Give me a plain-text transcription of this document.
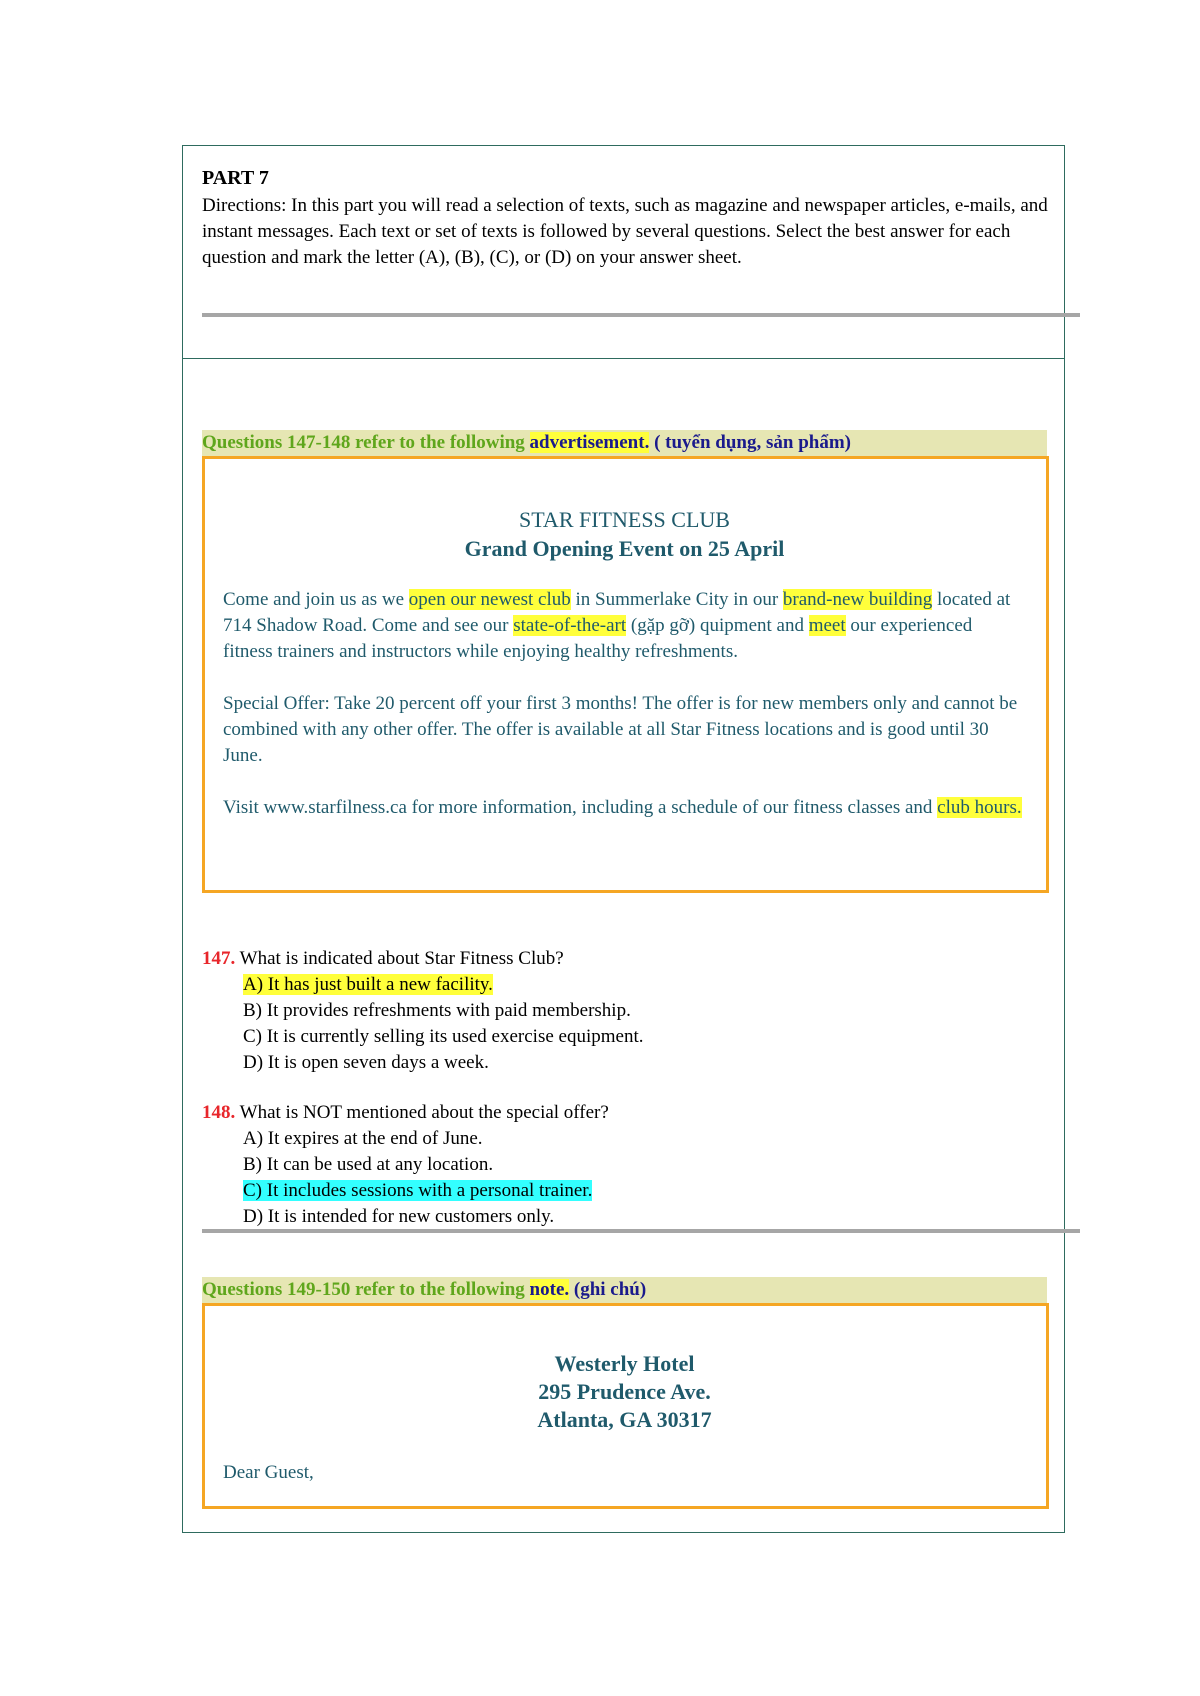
PART 7
Directions: In this part you will read a selection of texts, such as magazine and newspaper articles, e-mails, and instant messages. Each text or set of texts is followed by several questions. Select the best answer for each question and mark the letter (A), (B), (C), or (D) on your answer sheet.
Questions 147-148 refer to the following advertisement. ( tuyển dụng, sản phẩm)
STAR FITNESS CLUB
Grand Opening Event on 25 April
Come and join us as we open our newest club in Summerlake City in our brand-new building located at 714 Shadow Road. Come and see our state-of-the-art (gặp gỡ) quipment and meet our experienced fitness trainers and instructors while enjoying healthy refreshments.
Special Offer: Take 20 percent off your first 3 months! The offer is for new members only and cannot be combined with any other offer. The offer is available at all Star Fitness locations and is good until 30 June.
Visit www.starfilness.ca for more information, including a schedule of our fitness classes and club hours.
147. What is indicated about Star Fitness Club?
A) It has just built a new facility.
B) It provides refreshments with paid membership.
C) It is currently selling its used exercise equipment.
D) It is open seven days a week.
148. What is NOT mentioned about the special offer?
A) It expires at the end of June.
B) It can be used at any location.
C) It includes sessions with a personal trainer.
D) It is intended for new customers only.
Questions 149-150 refer to the following note. (ghi chú)
Westerly Hotel
295 Prudence Ave.
Atlanta, GA 30317
Dear Guest,
